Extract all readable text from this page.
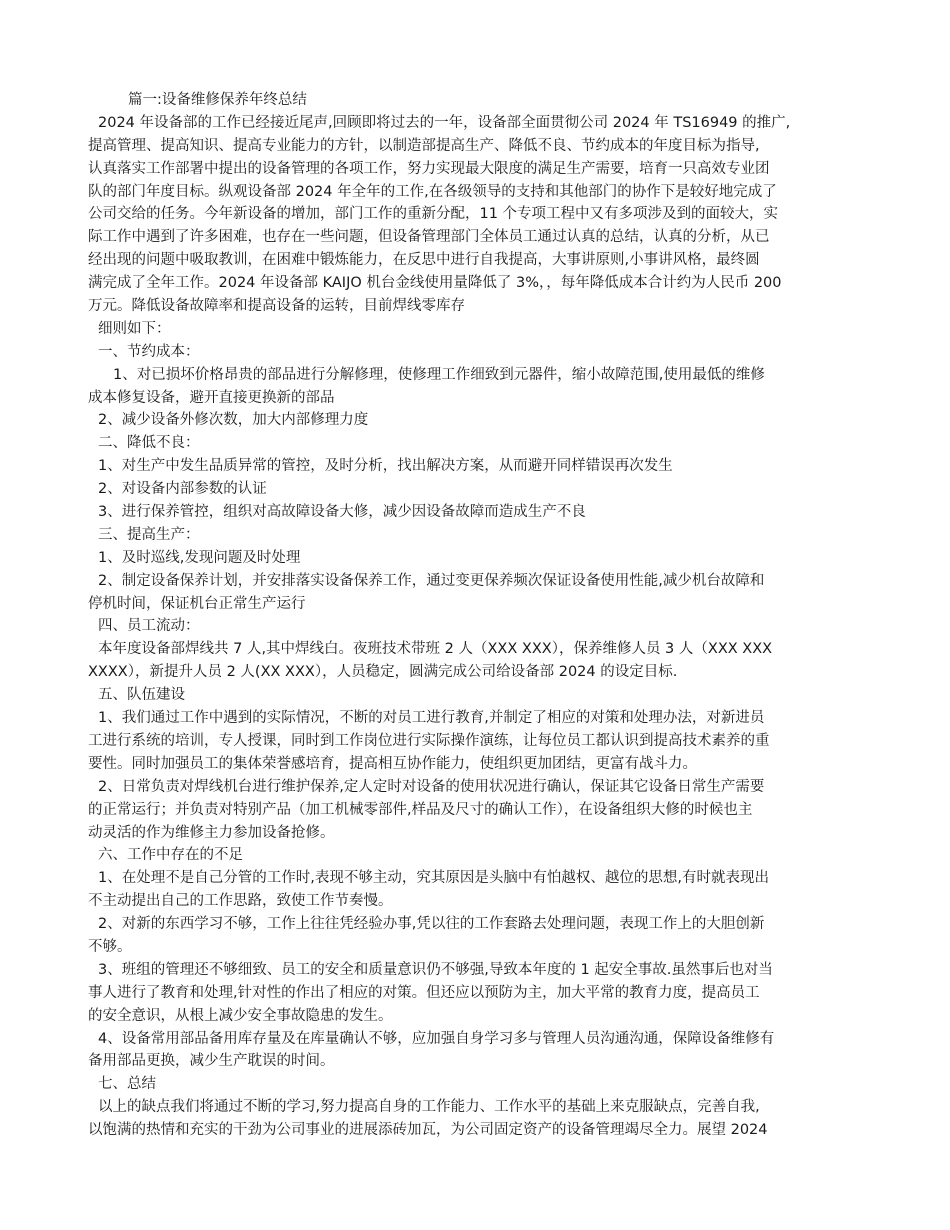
篇一:设备维修保养年终总结
2024 年设备部的工作已经接近尾声,回顾即将过去的一年，设备部全面贯彻公司 2024 年 TS16949 的推广,
提高管理、提高知识、提高专业能力的方针，以制造部提高生产、降低不良、节约成本的年度目标为指导,
认真落实工作部署中提出的设备管理的各项工作，努力实现最大限度的满足生产需要，培育一只高效专业团
队的部门年度目标。纵观设备部 2024 年全年的工作,在各级领导的支持和其他部门的协作下是较好地完成了
公司交给的任务。今年新设备的增加，部门工作的重新分配，11 个专项工程中又有多项涉及到的面较大，实
际工作中遇到了许多困难，也存在一些问题，但设备管理部门全体员工通过认真的总结，认真的分析，从已
经出现的问题中吸取教训，在困难中锻炼能力，在反思中进行自我提高，大事讲原则,小事讲风格，最终圆
满完成了全年工作。2024 年设备部 KAIJO 机台金线使用量降低了 3%，，每年降低成本合计约为人民币 200
万元。降低设备故障率和提高设备的运转，目前焊线零库存
细则如下：
一、节约成本：
1、对已损坏价格昂贵的部品进行分解修理，使修理工作细致到元器件，缩小故障范围,使用最低的维修
成本修复设备，避开直接更换新的部品
2、减少设备外修次数，加大内部修理力度
二、降低不良：
1、对生产中发生品质异常的管控，及时分析，找出解决方案，从而避开同样错误再次发生
2、对设备内部参数的认证
3、进行保养管控，组织对高故障设备大修，减少因设备故障而造成生产不良
三、提高生产：
1、及时巡线,发现问题及时处理
2、制定设备保养计划，并安排落实设备保养工作，通过变更保养频次保证设备使用性能,减少机台故障和
停机时间，保证机台正常生产运行
四、员工流动：
本年度设备部焊线共 7 人,其中焊线白。夜班技术带班 2 人（XXX XXX），保养维修人员 3 人（XXX XXX
XXXX），新提升人员 2 人(XX XXX），人员稳定，圆满完成公司给设备部 2024 的设定目标.
五、队伍建设
1、我们通过工作中遇到的实际情况，不断的对员工进行教育,并制定了相应的对策和处理办法，对新进员
工进行系统的培训，专人授课，同时到工作岗位进行实际操作演练，让每位员工都认识到提高技术素养的重
要性。同时加强员工的集体荣誉感培育，提高相互协作能力，使组织更加团结，更富有战斗力。
2、日常负责对焊线机台进行维护保养,定人定时对设备的使用状况进行确认，保证其它设备日常生产需要
的正常运行；并负责对特别产品（加工机械零部件,样品及尺寸的确认工作），在设备组织大修的时候也主
动灵活的作为维修主力参加设备抢修。
六、工作中存在的不足
1、在处理不是自己分管的工作时,表现不够主动，究其原因是头脑中有怕越权、越位的思想,有时就表现出
不主动提出自己的工作思路，致使工作节奏慢。
2、对新的东西学习不够，工作上往往凭经验办事,凭以往的工作套路去处理问题，表现工作上的大胆创新
不够。
3、班组的管理还不够细致、员工的安全和质量意识仍不够强,导致本年度的 1 起安全事故.虽然事后也对当
事人进行了教育和处理,针对性的作出了相应的对策。但还应以预防为主，加大平常的教育力度，提高员工
的安全意识，从根上减少安全事故隐患的发生。
4、设备常用部品备用库存量及在库量确认不够，应加强自身学习多与管理人员沟通沟通，保障设备维修有
备用部品更换，减少生产耽误的时间。
七、总结
以上的缺点我们将通过不断的学习,努力提高自身的工作能力、工作水平的基础上来克服缺点，完善自我,
以饱满的热情和充实的干劲为公司事业的进展添砖加瓦，为公司固定资产的设备管理竭尽全力。展望 2024
